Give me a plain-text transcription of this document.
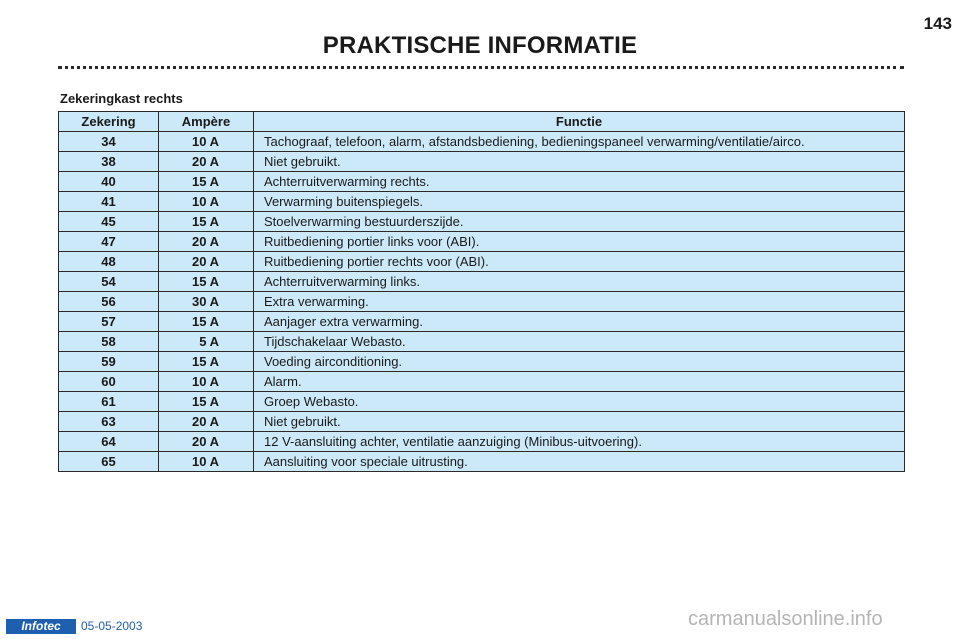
143
PRAKTISCHE INFORMATIE
Zekeringkast rechts
Zekering	Ampère	Functie
34	10 A	Tachograaf, telefoon, alarm, afstandsbediening, bedieningspaneel verwarming/ventilatie/airco.
38	20 A	Niet gebruikt.
40	15 A	Achterruitverwarming rechts.
41	10 A	Verwarming buitenspiegels.
45	15 A	Stoelverwarming bestuurderszijde.
47	20 A	Ruitbediening portier links voor (ABI).
48	20 A	Ruitbediening portier rechts voor (ABI).
54	15 A	Achterruitverwarming links.
56	30 A	Extra verwarming.
57	15 A	Aanjager extra verwarming.
58	5 A	Tijdschakelaar Webasto.
59	15 A	Voeding airconditioning.
60	10 A	Alarm.
61	15 A	Groep Webasto.
63	20 A	Niet gebruikt.
64	20 A	12 V-aansluiting achter, ventilatie aanzuiging (Minibus-uitvoering).
65	10 A	Aansluiting voor speciale uitrusting.
Infotec	05-05-2003	carmanualsonline.info
